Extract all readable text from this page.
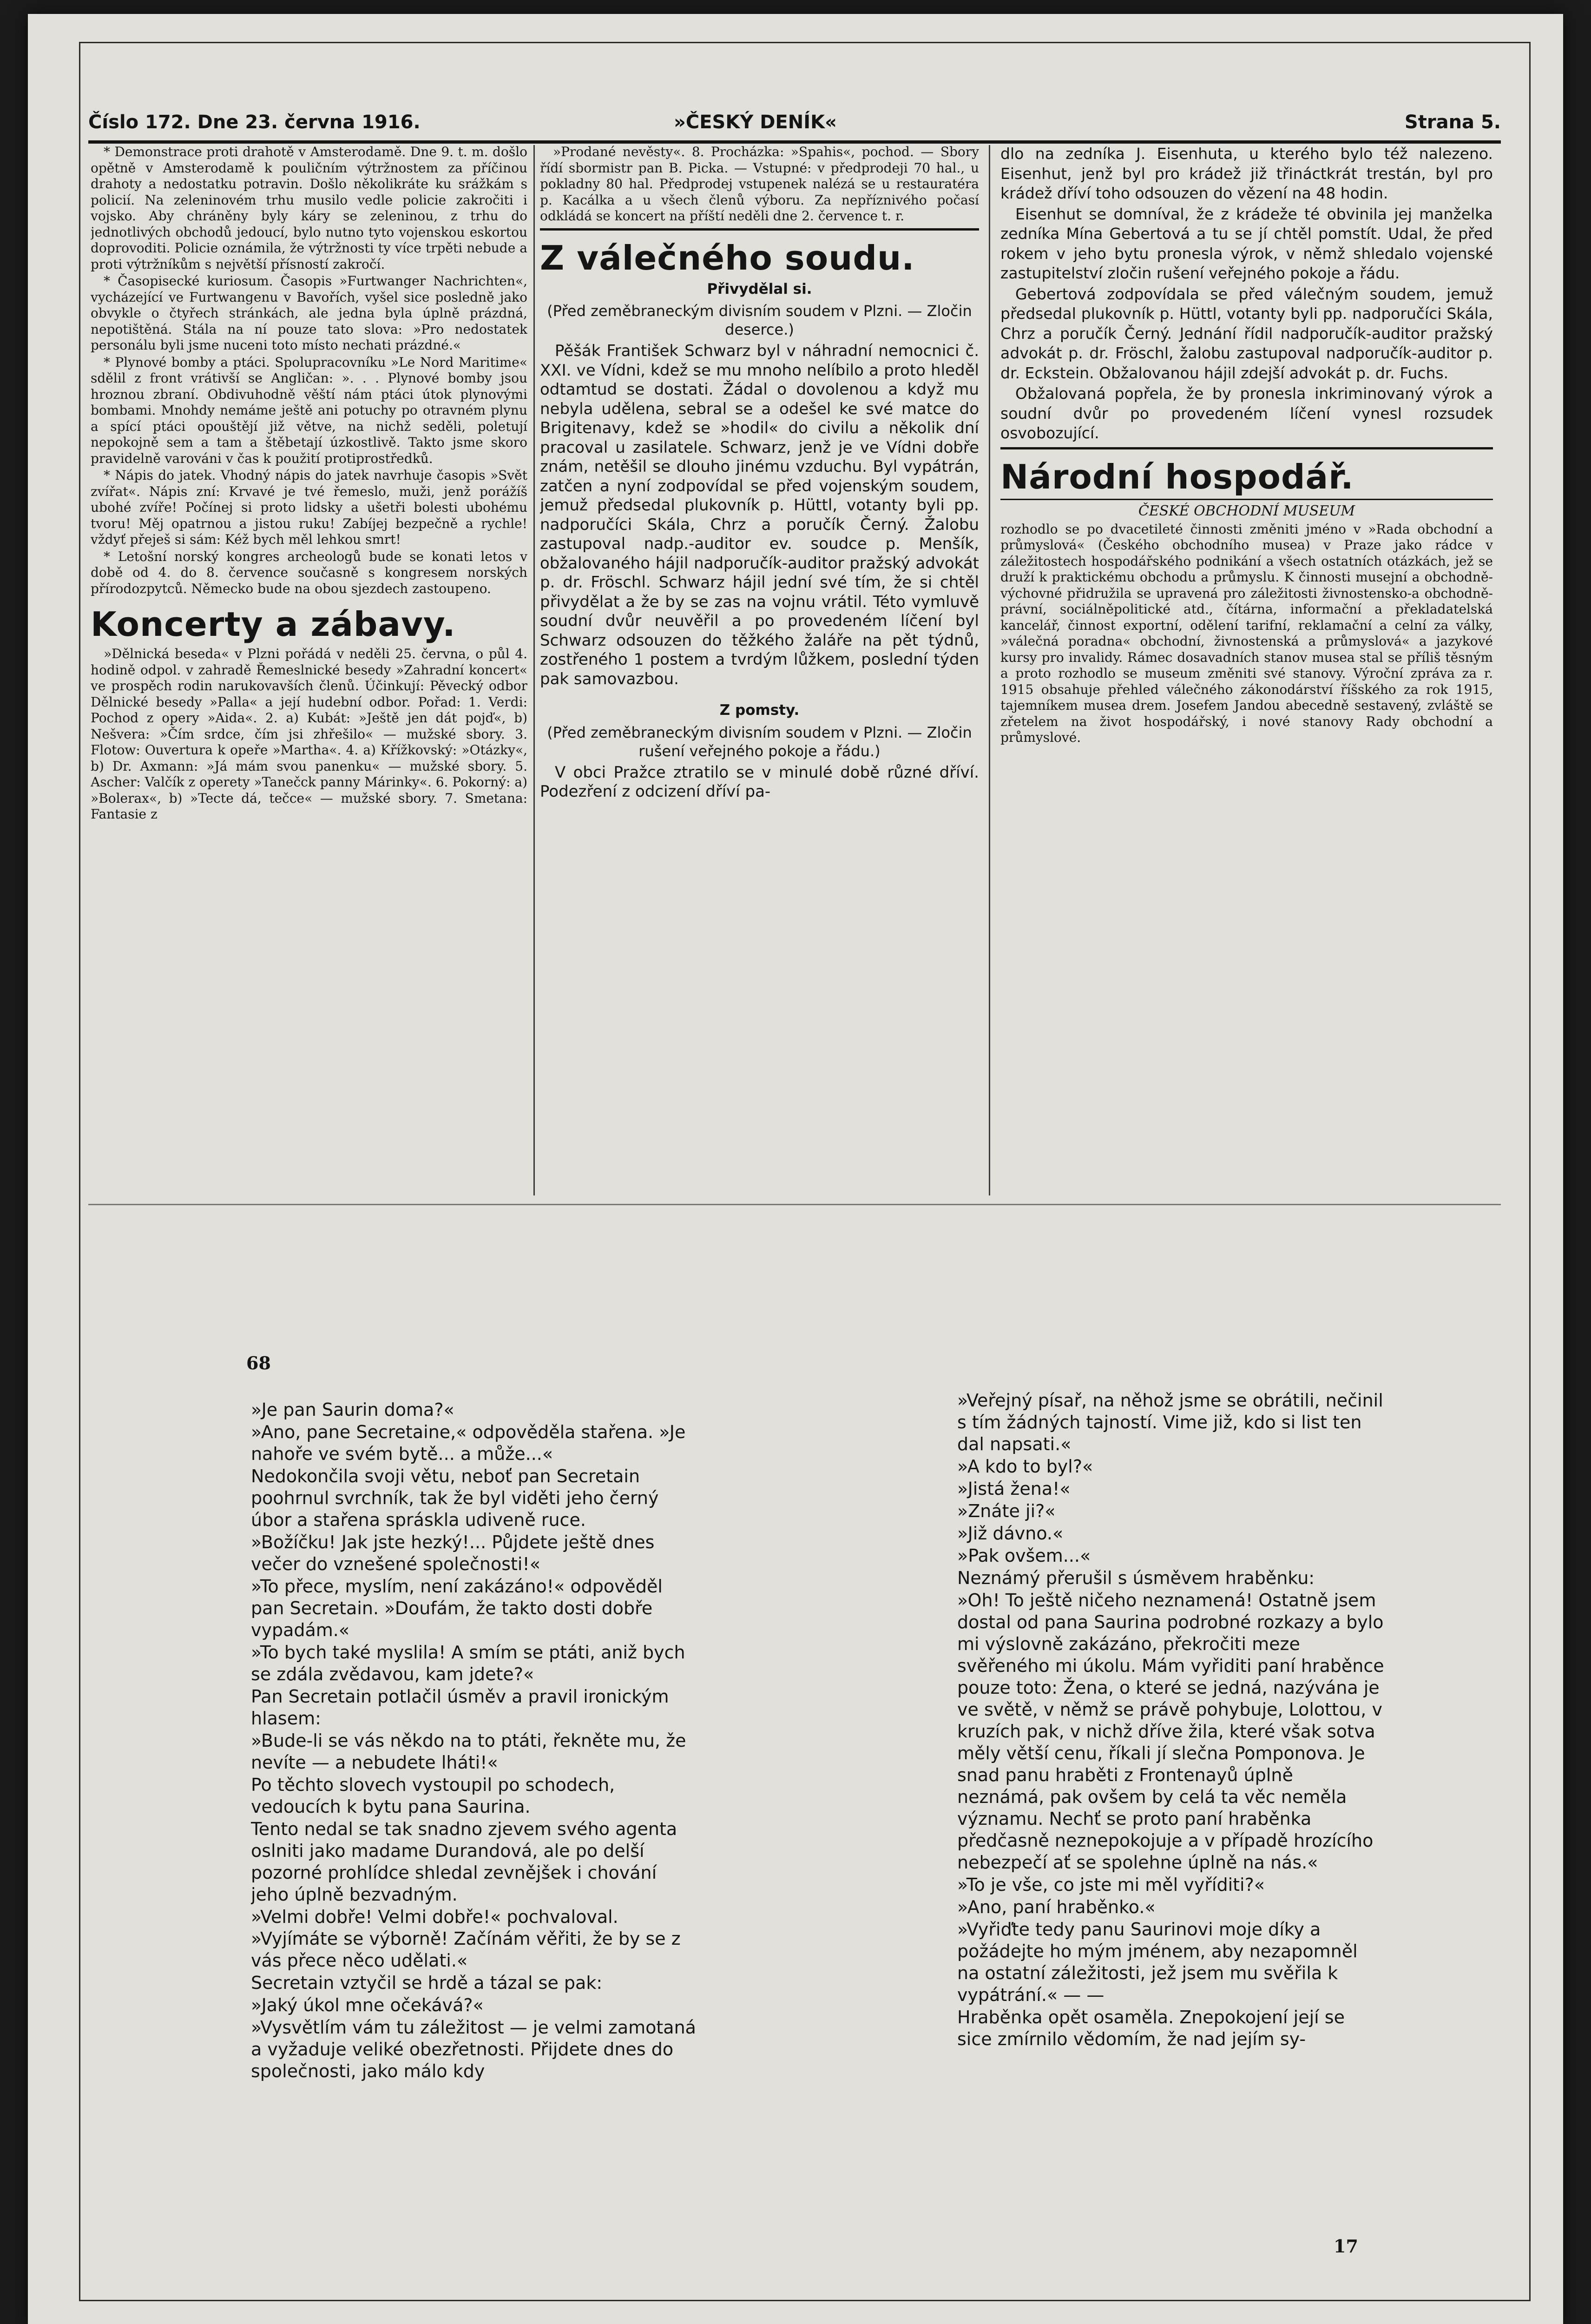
Číslo 172. Dne 23. června 1916.	»ČESKÝ DENÍK«	Strana 5.

* Demonstrace proti drahotě v Amsterodamě. Dne 9. t. m. došlo opětně v Amsterodamě k pouličním výtržnostem za příčinou drahoty a nedostatku potravin. Došlo několikráte ku srážkám s policií. Na zeleninovém trhu musilo vedle policie zakročiti i vojsko. Aby chráněny byly káry se zeleninou, z trhu do jednotlivých obchodů jedoucí, bylo nutno tyto vojenskou eskortou doprovoditi. Policie oznámila, že výtržnosti ty více trpěti nebude a proti výtržníkům s největší přísností zakročí.

* Časopisecké kuriosum. Časopis »Furtwanger Nachrichten«, vycházející ve Furtwangenu v Bavořích, vyšel sice posledně jako obvykle o čtyřech stránkách, ale jedna byla úplně prázdná, nepotištěná. Stála na ní pouze tato slova: »Pro nedostatek personálu byli jsme nuceni toto místo nechati prázdné.«

* Plynové bomby a ptáci. Spolupracovníku »Le Nord Maritime« sdělil z front vrátivší se Angličan: ». . . Plynové bomby jsou hroznou zbraní. Obdivuhodně věští nám ptáci útok plynovými bombami. Mnohdy nemáme ještě ani potuchy po otravném plynu a spící ptáci opouštějí již větve, na nichž seděli, poletují nepokojně sem a tam a štěbetají úzkostlivě. Takto jsme skoro pravidelně varováni v čas k použití protiprostředků.

* Nápis do jatek. Vhodný nápis do jatek navrhuje časopis »Svět zvířat«. Nápis zní: Krvavé je tvé řemeslo, muži, jenž porážíš ubohé zvíře! Počínej si proto lidsky a ušetři bolesti ubohému tvoru! Měj opatrnou a jistou ruku! Zabíjej bezpečně a rychle! vždyť přeješ si sám: Kéž bych měl lehkou smrt!

* Letošní norský kongres archeologů bude se konati letos v době od 4. do 8. července současně s kongresem norských přírodozpytců. Německo bude na obou sjezdech zastoupeno.

Koncerty a zábavy.

»Dělnická beseda« v Plzni pořádá v neděli 25. června, o půl 4. hodině odpol. v zahradě Řemeslnické besedy »Zahradní koncert« ve prospěch rodin narukovavších členů. Účinkují: Pěvecký odbor Dělnické besedy »Palla« a její hudební odbor. Pořad: 1. Verdi: Pochod z opery »Aida«. 2. a) Kubát: »Ještě jen dát pojď«, b) Nešvera: »Čím srdce, čím jsi zhřešilo« — mužské sbory. 3. Flotow: Ouvertura k opeře »Martha«. 4. a) Křížkovský: »Otázky«, b) Dr. Axmann: »Já mám svou panenku« — mužské sbory. 5. Ascher: Valčík z operety »Tanečck panny Márinky«. 6. Pokorný: a) »Bolerax«, b) »Tecte dá, tečce« — mužské sbory. 7. Smetana: Fantasie z

»Prodané nevěsty«. 8. Procházka: »Spahis«, pochod. — Sbory řídí sbormistr pan B. Picka. — Vstupné: v předprodeji 70 hal., u pokladny 80 hal. Předprodej vstupenek nalézá se u restauratéra p. Kacálka a u všech členů výboru. Za nepříznivého počasí odkládá se koncert na příští neděli dne 2. července t. r.

Z válečného soudu.
Přivydělal si.
(Před zeměbraneckým divisním soudem v Plzni. — Zločin deserce.)

Pěšák František Schwarz byl v náhradní nemocnici č. XXI. ve Vídni, kdež se mu mnoho nelíbilo a proto hleděl odtamtud se dostati. Žádal o dovolenou a když mu nebyla udělena, sebral se a odešel ke své matce do Brigitenavy, kdež se »hodil« do civilu a několik dní pracoval u zasilatele. Schwarz, jenž je ve Vídni dobře znám, netěšil se dlouho jinému vzduchu. Byl vypátrán, zatčen a nyní zodpovídal se před vojenským soudem, jemuž předsedal plukovník p. Hüttl, votanty byli pp. nadporučíci Skála, Chrz a poručík Černý. Žalobu zastupoval nadp.-auditor ev. soudce p. Menšík, obžalovaného hájil nadporučík-auditor pražský advokát p. dr. Fröschl. Schwarz hájil jední své tím, že si chtěl přivydělat a že by se zas na vojnu vrátil. Této vymluvě soudní dvůr neuvěřil a po provedeném líčení byl Schwarz odsouzen do těžkého žaláře na pět týdnů, zostřeného 1 postem a tvrdým lůžkem, poslední týden pak samovazbou.

Z pomsty.
(Před zeměbraneckým divisním soudem v Plzni. — Zločin rušení veřejného pokoje a řádu.)

V obci Pražce ztratilo se v minulé době různé dříví. Podezření z odcizení dříví pa-

dlo na zedníka J. Eisenhuta, u kterého bylo též nalezeno. Eisenhut, jenž byl pro krádež již třináctkrát trestán, byl pro krádež dříví toho odsouzen do vězení na 48 hodin.

Eisenhut se domníval, že z krádeže té obvinila jej manželka zedníka Mína Gebertová a tu se jí chtěl pomstít. Udal, že před rokem v jeho bytu pronesla výrok, v němž shledalo vojenské zastupitelství zločin rušení veřejného pokoje a řádu.

Gebertová zodpovídala se před válečným soudem, jemuž předsedal plukovník p. Hüttl, votanty byli pp. nadporučíci Skála, Chrz a poručík Černý. Jednání řídil nadporučík-auditor pražský advokát p. dr. Fröschl, žalobu zastupoval nadporučík-auditor p. dr. Eckstein. Obžalovanou hájil zdejší advokát p. dr. Fuchs.

Obžalovaná popřela, že by pronesla inkriminovaný výrok a soudní dvůr po provedeném líčení vynesl rozsudek osvobozující.

Národní hospodář.
ČESKÉ OBCHODNÍ MUSEUM

rozhodlo se po dvacetileté činnosti změniti jméno v »Rada obchodní a průmyslová« (Českého obchodního musea) v Praze jako rádce v záležitostech hospodářského podnikání a všech ostatních otázkách, jež se druží k praktickému obchodu a průmyslu. K činnosti musejní a obchodně-výchovné přidružila se upravená pro záležitosti živnostensko-a obchodně-právní, sociálněpolitické atd., čítárna, informační a překladatelská kancelář, činnost exportní, odělení tarifní, reklamační a celní za války, »válečná poradna« obchodní, živnostenská a průmyslová« a jazykové kursy pro invalidy. Rámec dosavadních stanov musea stal se příliš těsným a proto rozhodlo se museum změniti své stanovy. Výroční zpráva za r. 1915 obsahuje přehled válečného zákonodárství říšského za rok 1915, tajemníkem musea drem. Josefem Jandou abecedně sestavený, zvláště se zřetelem na život hospodářský, i nové stanovy Rady obchodní a průmyslové.

68

»Je pan Saurin doma?«

»Ano, pane Secretaine,« odpověděla stařena. »Je nahoře ve svém bytě... a může...«

Nedokončila svoji větu, neboť pan Secretain poohrnul svrchník, tak že byl viděti jeho černý úbor a stařena spráskla udiveně ruce.

»Božíčku! Jak jste hezký!... Půjdete ještě dnes večer do vznešené společnosti!«

»To přece, myslím, není zakázáno!« odpověděl pan Secretain. »Doufám, že takto dosti dobře vypadám.«

»To bych také myslila! A smím se ptáti, aniž bych se zdála zvědavou, kam jdete?«

Pan Secretain potlačil úsměv a pravil ironickým hlasem:

»Bude-li se vás někdo na to ptáti, řekněte mu, že nevíte — a nebudete lháti!«

Po těchto slovech vystoupil po schodech, vedoucích k bytu pana Saurina.

Tento nedal se tak snadno zjevem svého agenta oslniti jako madame Durandová, ale po delší pozorné prohlídce shledal zevnějšek i chování jeho úplně bezvadným.

»Velmi dobře! Velmi dobře!« pochvaloval. »Vyjímáte se výborně! Začínám věřiti, že by se z vás přece něco udělati.«

Secretain vztyčil se hrdě a tázal se pak:

»Jaký úkol mne očekává?«

»Vysvětlím vám tu záležitost — je velmi zamotaná a vyžaduje veliké obezřetnosti. Přijdete dnes do společnosti, jako málo kdy

»Veřejný písař, na něhož jsme se obrátili, nečinil s tím žádných tajností. Vime již, kdo si list ten dal napsati.«

»A kdo to byl?«

»Jistá žena!«

»Znáte ji?«

»Již dávno.«

»Pak ovšem...«

Neznámý přerušil s úsměvem hraběnku:

»Oh! To ještě ničeho neznamená! Ostatně jsem dostal od pana Saurina podrobné rozkazy a bylo mi výslovně zakázáno, překročiti meze svěřeného mi úkolu. Mám vyřiditi paní hraběnce pouze toto: Žena, o které se jedná, nazývána je ve světě, v němž se právě pohybuje, Lolottou, v kruzích pak, v nichž dříve žila, které však sotva měly větší cenu, říkali jí slečna Pomponova. Je snad panu hraběti z Frontenayů úplně neznámá, pak ovšem by celá ta věc neměla významu. Nechť se proto paní hraběnka předčasně neznepokojuje a v případě hrozícího nebezpečí ať se spolehne úplně na nás.«

»To je vše, co jste mi měl vyříditi?«

»Ano, paní hraběnko.«

»Vyřiďte tedy panu Saurinovi moje díky a požádejte ho mým jménem, aby nezapomněl na ostatní záležitosti, jež jsem mu svěřila k vypátrání.« — —

Hraběnka opět osaměla. Znepokojení její se sice zmírnilo vědomím, že nad jejím sy-

17
